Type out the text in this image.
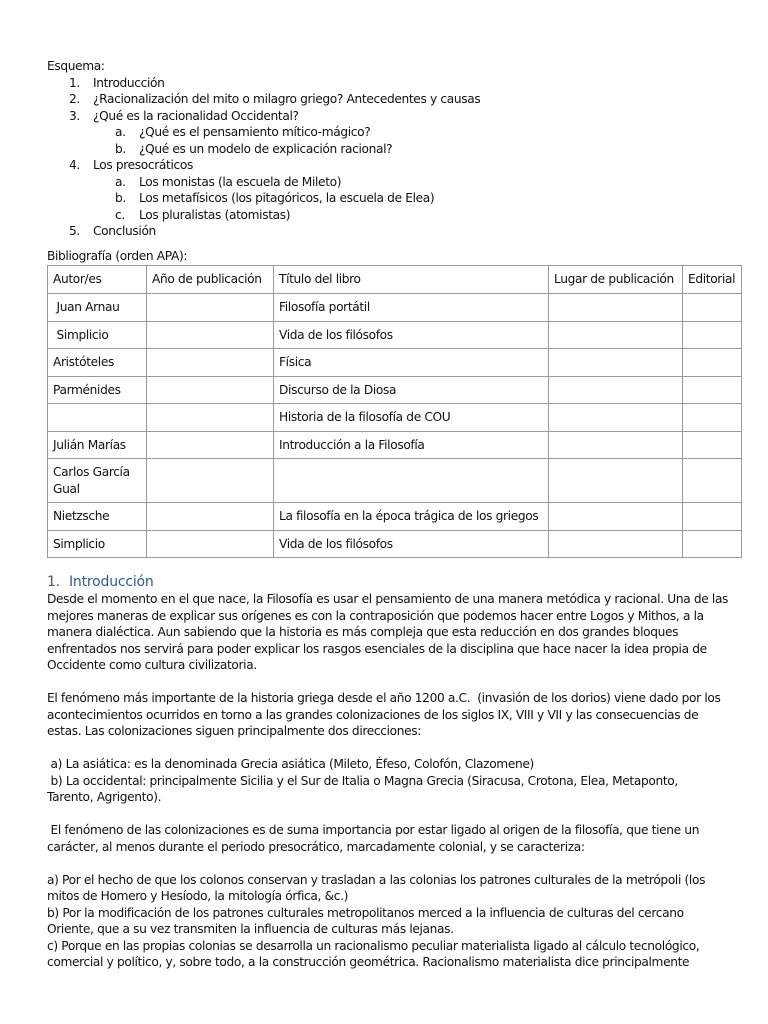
Esquema:
1. Introducción
2. ¿Racionalización del mito o milagro griego? Antecedentes y causas
3. ¿Qué es la racionalidad Occidental?
a. ¿Qué es el pensamiento mítico-mágico?
b. ¿Qué es un modelo de explicación racional?
4. Los presocráticos
a. Los monistas (la escuela de Mileto)
b. Los metafísicos (los pitagóricos, la escuela de Elea)
c. Los pluralistas (atomistas)
5. Conclusión
Bibliografía (orden APA):
Autor/es	Año de publicación	Título del libro	Lugar de publicación	Editorial
Juan Arnau		Filosofía portátil		
Simplicio		Vida de los filósofos		
Aristóteles		Física		
Parménides		Discurso de la Diosa		
		Historia de la filosofía de COU		
Julián Marías		Introducción a la Filosofía		
Carlos García Gual				
Nietzsche		La filosofía en la época trágica de los griegos		
Simplicio		Vida de los filósofos		
1. Introducción
Desde el momento en el que nace, la Filosofía es usar el pensamiento de una manera metódica y racional. Una de las
mejores maneras de explicar sus orígenes es con la contraposición que podemos hacer entre Logos y Mithos, a la
manera dialéctica. Aun sabiendo que la historia es más compleja que esta reducción en dos grandes bloques
enfrentados nos servirá para poder explicar los rasgos esenciales de la disciplina que hace nacer la idea propia de
Occidente como cultura civilizatoria.
El fenómeno más importante de la historia griega desde el año 1200 a.C.  (invasión de los dorios) viene dado por los
acontecimientos ocurridos en torno a las grandes colonizaciones de los siglos IX, VIII y VII y las consecuencias de
estas. Las colonizaciones siguen principalmente dos direcciones:
a) La asiática: es la denominada Grecia asiática (Mileto, Éfeso, Colofón, Clazomene)
b) La occidental: principalmente Sicilia y el Sur de Italia o Magna Grecia (Siracusa, Crotona, Elea, Metaponto,
Tarento, Agrigento).
El fenómeno de las colonizaciones es de suma importancia por estar ligado al origen de la filosofía, que tiene un
carácter, al menos durante el periodo presocrático, marcadamente colonial, y se caracteriza:
a) Por el hecho de que los colonos conservan y trasladan a las colonias los patrones culturales de la metrópoli (los
mitos de Homero y Hesíodo, la mitología órfica, &c.)
b) Por la modificación de los patrones culturales metropolitanos merced a la influencia de culturas del cercano
Oriente, que a su vez transmiten la influencia de culturas más lejanas.
c) Porque en las propias colonias se desarrolla un racionalismo peculiar materialista ligado al cálculo tecnológico,
comercial y político, y, sobre todo, a la construcción geométrica. Racionalismo materialista dice principalmente
